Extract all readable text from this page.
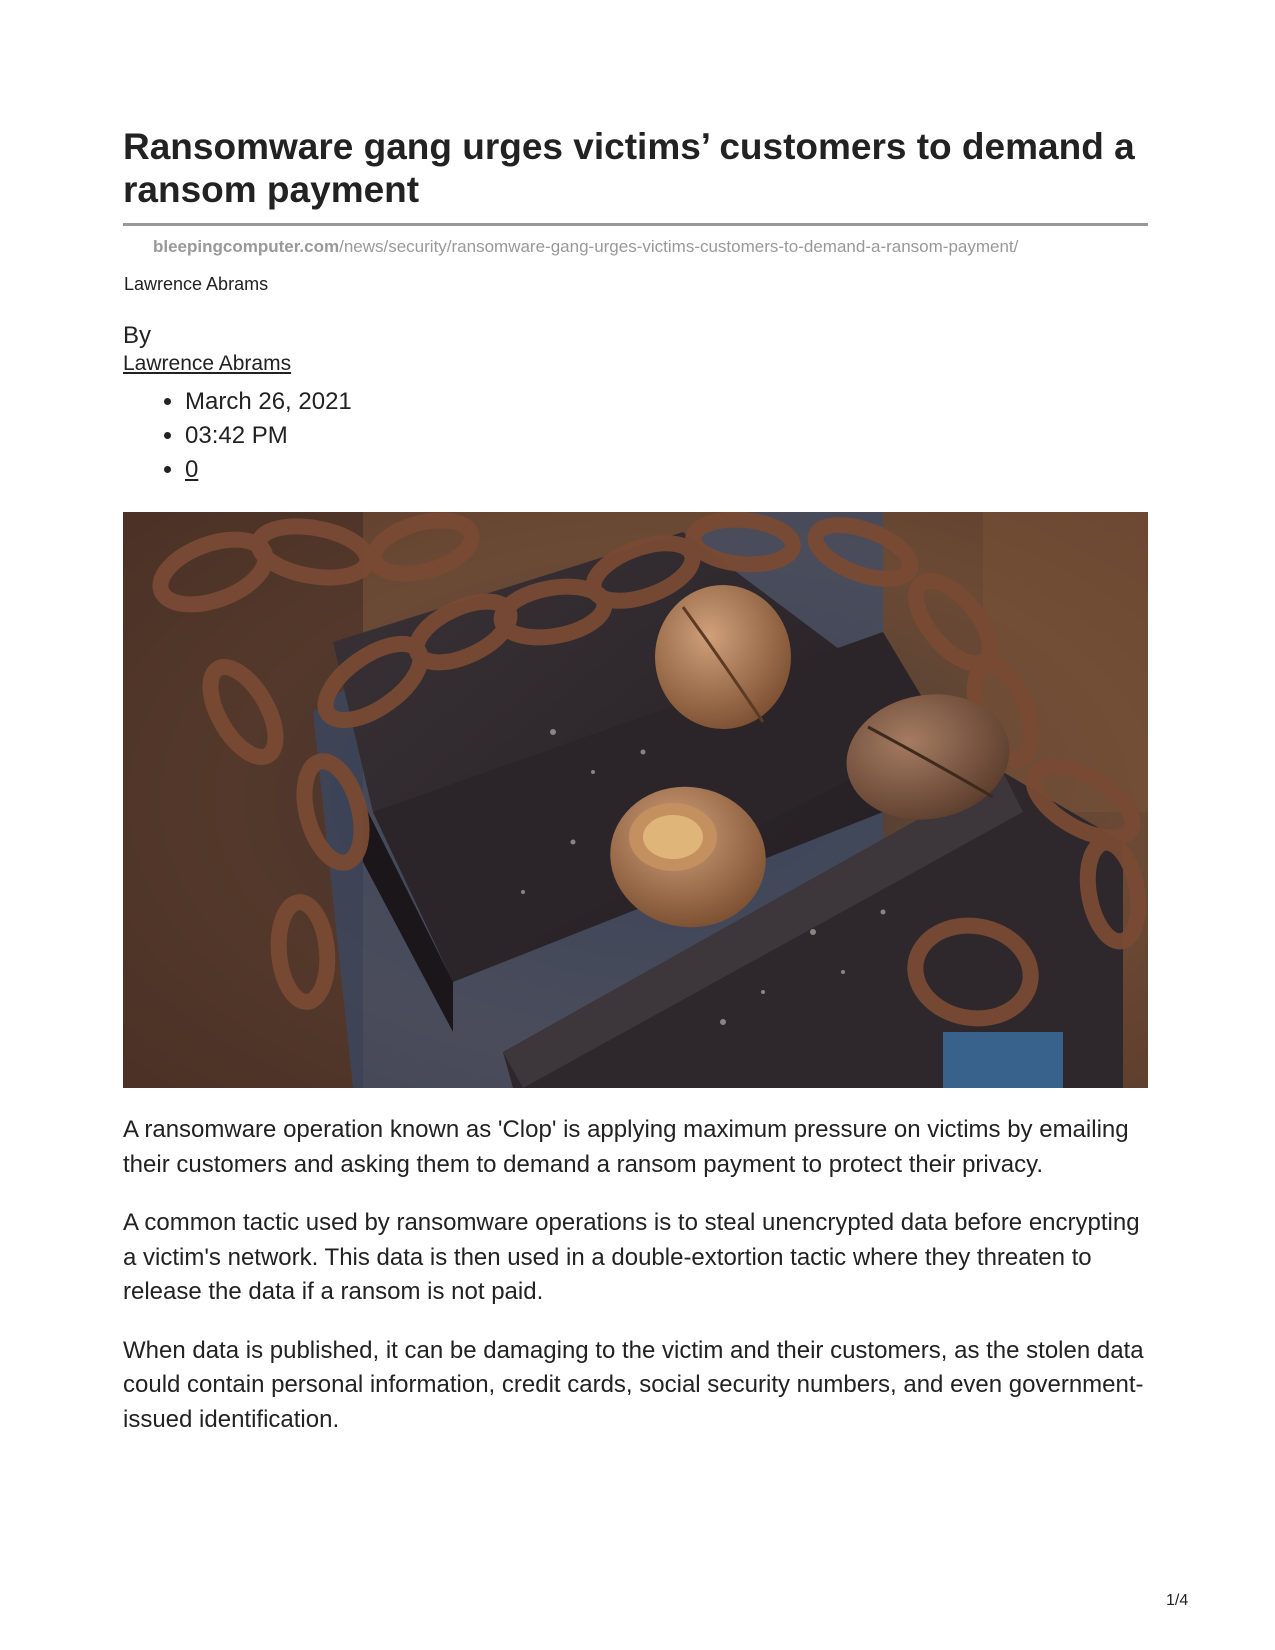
Ransomware gang urges victims’ customers to demand a ransom payment
bleepingcomputer.com/news/security/ransomware-gang-urges-victims-customers-to-demand-a-ransom-payment/
Lawrence Abrams
By
Lawrence Abrams
• March 26, 2021
• 03:42 PM
• 0

A ransomware operation known as 'Clop' is applying maximum pressure on victims by emailing their customers and asking them to demand a ransom payment to protect their privacy.

A common tactic used by ransomware operations is to steal unencrypted data before encrypting a victim's network. This data is then used in a double-extortion tactic where they threaten to release the data if a ransom is not paid.

When data is published, it can be damaging to the victim and their customers, as the stolen data could contain personal information, credit cards, social security numbers, and even government-issued identification.

1/4
